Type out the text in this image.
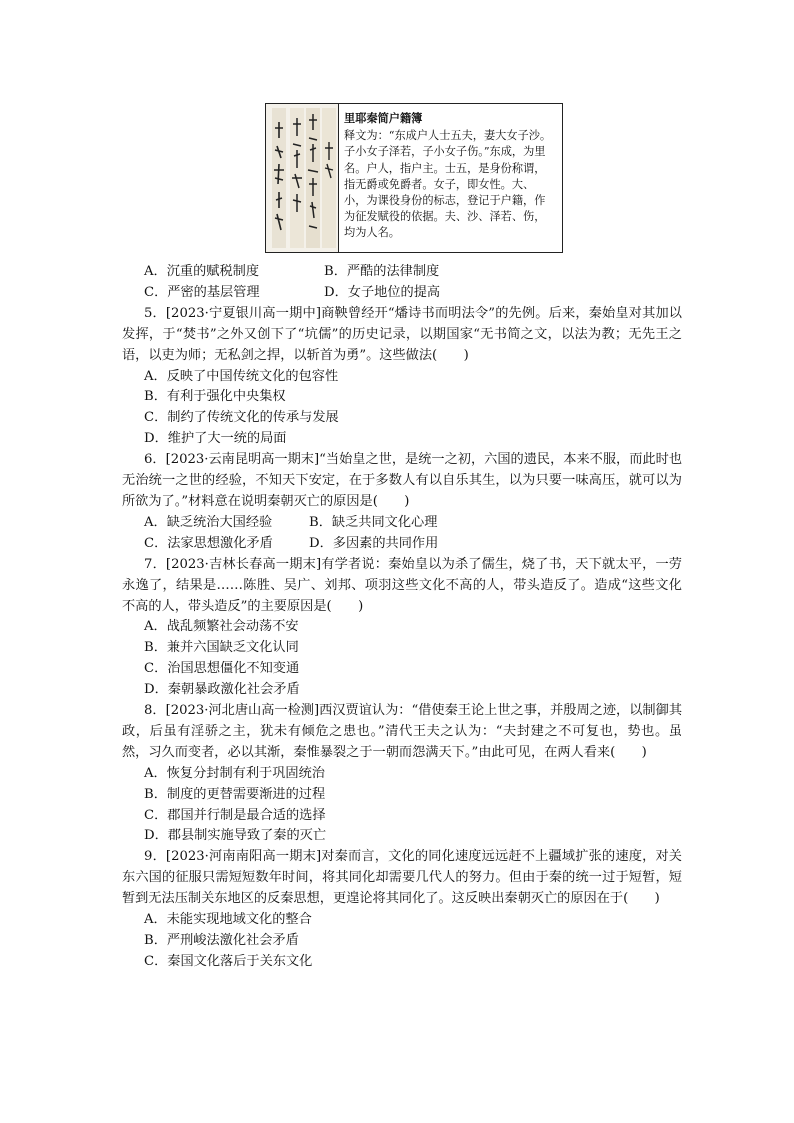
里耶秦简户籍簿
释文为：“东成户人士五夫，妻大女子沙。子小女子泽若，子小女子伤。”东成，为里名。户人，指户主。士五，是身份称谓，指无爵或免爵者。女子，即女性。大、小，为课役身份的标志，登记于户籍，作为征发赋役的依据。夫、沙、泽若、伤，均为人名。
A．沉重的赋税制度	B．严酷的法律制度
C．严密的基层管理	D．女子地位的提高
5．[2023·宁夏银川高一期中]商鞅曾经开“燔诗书而明法令”的先例。后来，秦始皇对其加以发挥，于“焚书”之外又创下了“坑儒”的历史记录，以期国家“无书简之文，以法为教；无先王之语，以吏为师；无私剑之捍，以斩首为勇”。这些做法(　　)
A．反映了中国传统文化的包容性
B．有利于强化中央集权
C．制约了传统文化的传承与发展
D．维护了大一统的局面
6．[2023·云南昆明高一期末]“当始皇之世，是统一之初，六国的遗民，本来不服，而此时也无治统一之世的经验，不知天下安定，在于多数人有以自乐其生，以为只要一味高压，就可以为所欲为了。”材料意在说明秦朝灭亡的原因是(　　)
A．缺乏统治大国经验	B．缺乏共同文化心理
C．法家思想激化矛盾	D．多因素的共同作用
7．[2023·吉林长春高一期末]有学者说：秦始皇以为杀了儒生，烧了书，天下就太平，一劳永逸了，结果是……陈胜、吴广、刘邦、项羽这些文化不高的人，带头造反了。造成“这些文化不高的人，带头造反”的主要原因是(　　)
A．战乱频繁社会动荡不安
B．兼并六国缺乏文化认同
C．治国思想僵化不知变通
D．秦朝暴政激化社会矛盾
8．[2023·河北唐山高一检测]西汉贾谊认为：“借使秦王论上世之事，并殷周之迹，以制御其政，后虽有淫骄之主，犹未有倾危之患也。”清代王夫之认为：“夫封建之不可复也，势也。虽然，习久而变者，必以其渐，秦惟暴裂之于一朝而怨满天下。”由此可见，在两人看来(　　)
A．恢复分封制有利于巩固统治
B．制度的更替需要渐进的过程
C．郡国并行制是最合适的选择
D．郡县制实施导致了秦的灭亡
9．[2023·河南南阳高一期末]对秦而言，文化的同化速度远远赶不上疆域扩张的速度，对关东六国的征服只需短短数年时间，将其同化却需要几代人的努力。但由于秦的统一过于短暂，短暂到无法压制关东地区的反秦思想，更遑论将其同化了。这反映出秦朝灭亡的原因在于(　　)
A．未能实现地域文化的整合
B．严刑峻法激化社会矛盾
C．秦国文化落后于关东文化
